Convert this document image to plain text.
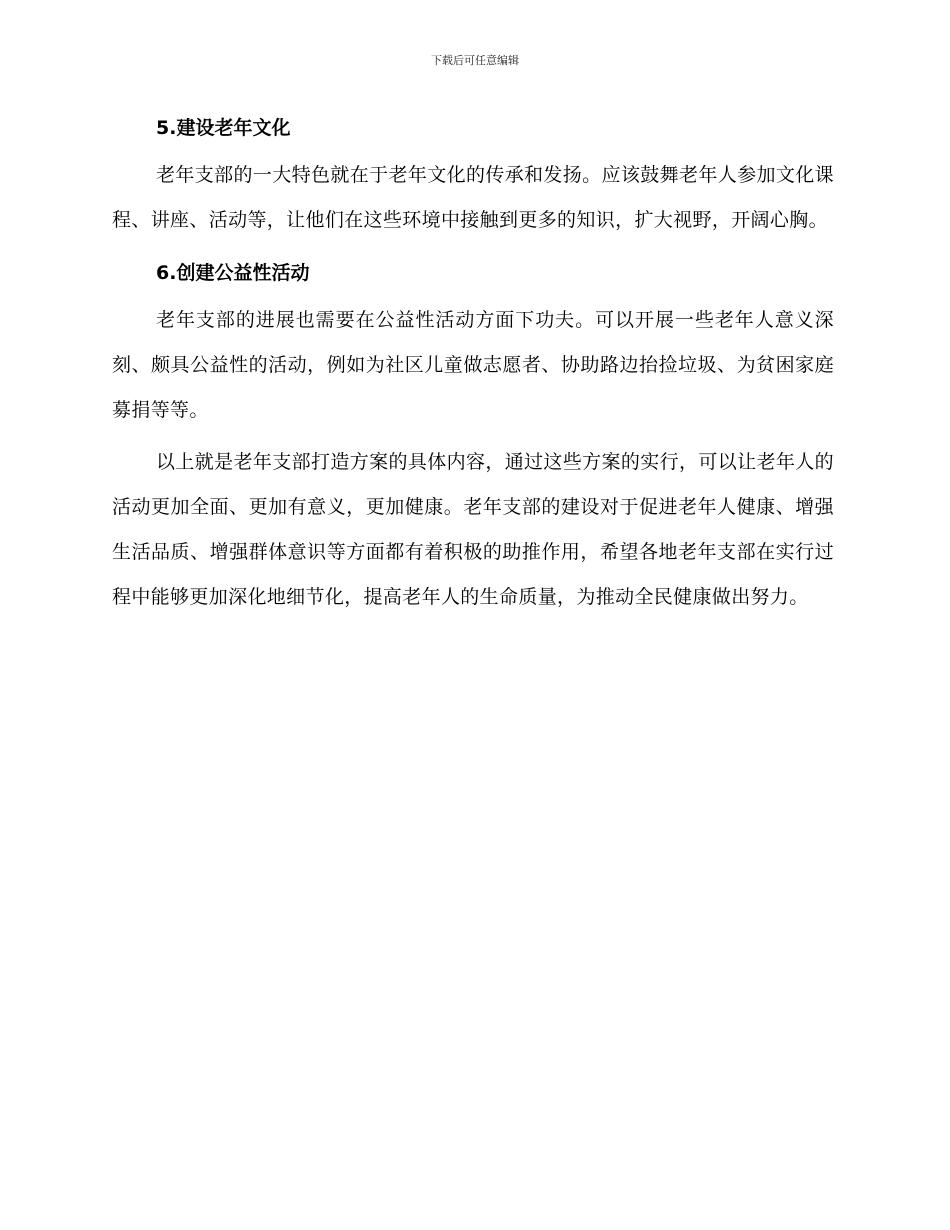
下载后可任意编辑
5.建设老年文化

老年支部的一大特色就在于老年文化的传承和发扬。应该鼓舞老年人参加文化课程、讲座、活动等，让他们在这些环境中接触到更多的知识，扩大视野，开阔心胸。

6.创建公益性活动

老年支部的进展也需要在公益性活动方面下功夫。可以开展一些老年人意义深刻、颇具公益性的活动，例如为社区儿童做志愿者、协助路边抬捡垃圾、为贫困家庭募捐等等。

以上就是老年支部打造方案的具体内容，通过这些方案的实行，可以让老年人的活动更加全面、更加有意义，更加健康。老年支部的建设对于促进老年人健康、增强生活品质、增强群体意识等方面都有着积极的助推作用，希望各地老年支部在实行过程中能够更加深化地细节化，提高老年人的生命质量，为推动全民健康做出努力。
